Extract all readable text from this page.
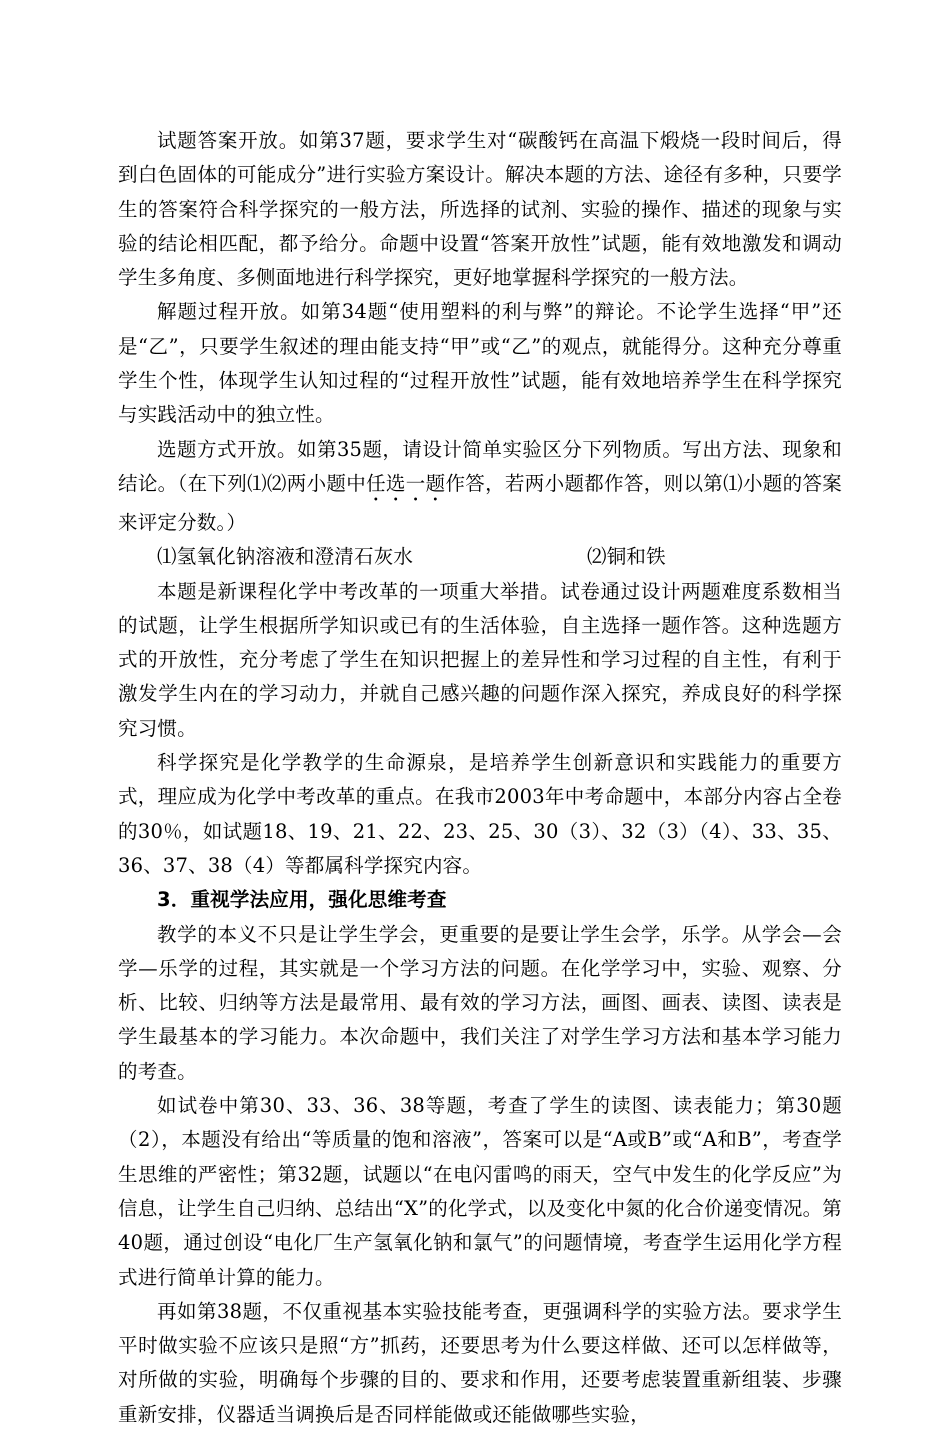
试题答案开放。如第37题，要求学生对“碳酸钙在高温下煅烧一段时间后，得到白色固体的可能成分”进行实验方案设计。解决本题的方法、途径有多种，只要学生的答案符合科学探究的一般方法，所选择的试剂、实验的操作、描述的现象与实验的结论相匹配，都予给分。命题中设置“答案开放性”试题，能有效地激发和调动学生多角度、多侧面地进行科学探究，更好地掌握科学探究的一般方法。

解题过程开放。如第34题“使用塑料的利与弊”的辩论。不论学生选择“甲”还是“乙”，只要学生叙述的理由能支持“甲”或“乙”的观点，就能得分。这种充分尊重学生个性，体现学生认知过程的“过程开放性”试题，能有效地培养学生在科学探究与实践活动中的独立性。

选题方式开放。如第35题，请设计简单实验区分下列物质。写出方法、现象和结论。（在下列⑴⑵两小题中任选一题作答，若两小题都作答，则以第⑴小题的答案来评定分数。）

⑴氢氧化钠溶液和澄清石灰水	⑵铜和铁

本题是新课程化学中考改革的一项重大举措。试卷通过设计两题难度系数相当的试题，让学生根据所学知识或已有的生活体验，自主选择一题作答。这种选题方式的开放性，充分考虑了学生在知识把握上的差异性和学习过程的自主性，有利于激发学生内在的学习动力，并就自己感兴趣的问题作深入探究，养成良好的科学探究习惯。

科学探究是化学教学的生命源泉，是培养学生创新意识和实践能力的重要方式，理应成为化学中考改革的重点。在我市2003年中考命题中，本部分内容占全卷的30％，如试题18、19、21、22、23、25、30（3）、32（3）（4）、33、35、36、37、38（4）等都属科学探究内容。

3．重视学法应用，强化思维考查

教学的本义不只是让学生学会，更重要的是要让学生会学，乐学。从学会—会学—乐学的过程，其实就是一个学习方法的问题。在化学学习中，实验、观察、分析、比较、归纳等方法是最常用、最有效的学习方法，画图、画表、读图、读表是学生最基本的学习能力。本次命题中，我们关注了对学生学习方法和基本学习能力的考查。

如试卷中第30、33、36、38等题，考查了学生的读图、读表能力；第30题（2），本题没有给出“等质量的饱和溶液”，答案可以是“A或B”或“A和B”，考查学生思维的严密性；第32题，试题以“在电闪雷鸣的雨天，空气中发生的化学反应”为信息，让学生自己归纳、总结出“X”的化学式，以及变化中氮的化合价递变情况。第40题，通过创设“电化厂生产氢氧化钠和氯气”的问题情境，考查学生运用化学方程式进行简单计算的能力。

再如第38题，不仅重视基本实验技能考查，更强调科学的实验方法。要求学生平时做实验不应该只是照“方”抓药，还要思考为什么要这样做、还可以怎样做等，对所做的实验，明确每个步骤的目的、要求和作用，还要考虑装置重新组装、步骤重新安排，仪器适当调换后是否同样能做或还能做哪些实验，
